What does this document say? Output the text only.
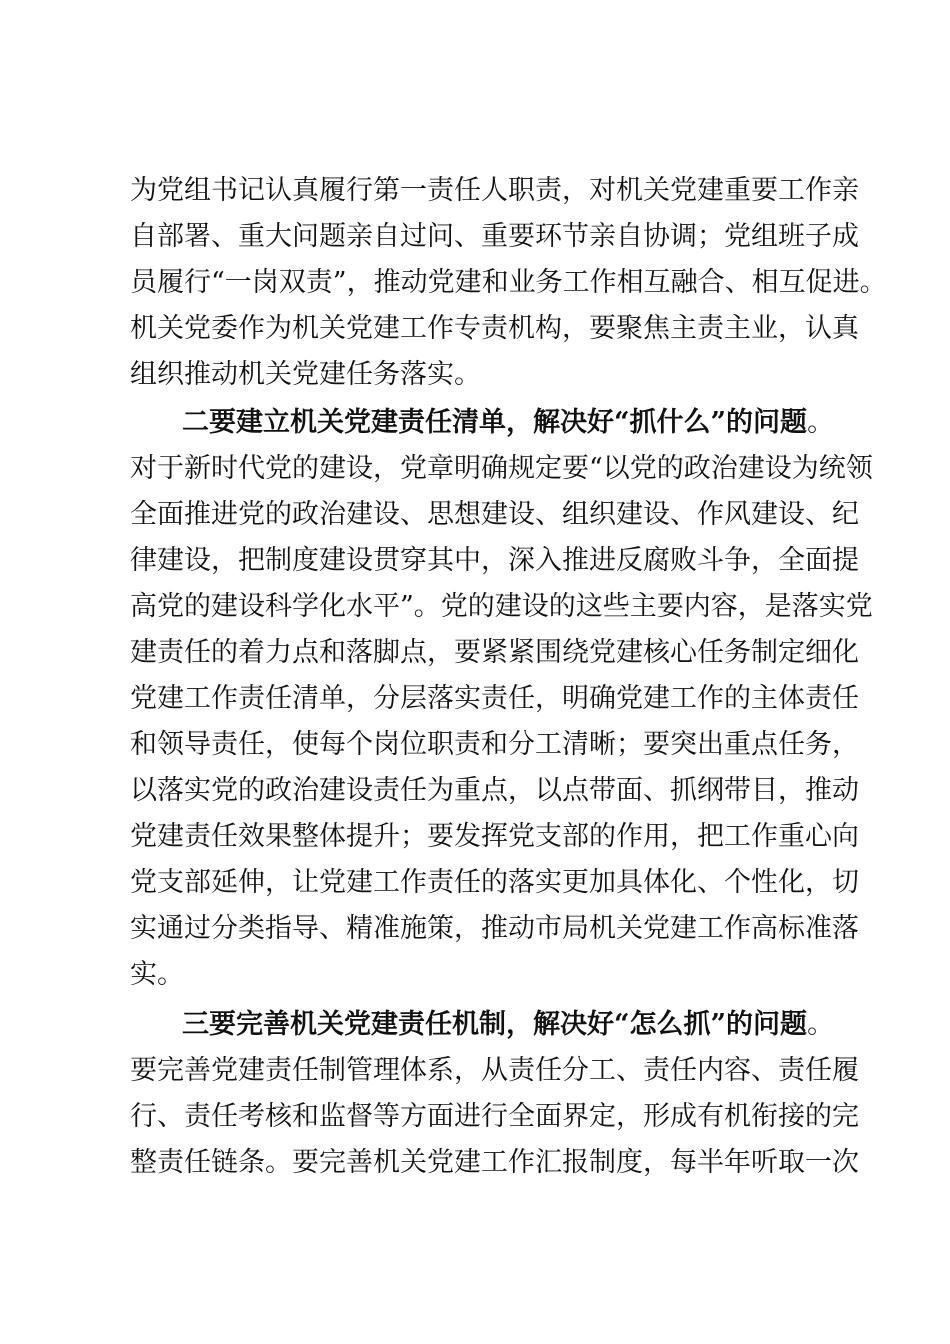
为党组书记认真履行第一责任人职责，对机关党建重要工作亲
自部署、重大问题亲自过问、重要环节亲自协调；党组班子成
员履行“一岗双责”，推动党建和业务工作相互融合、相互促进。
机关党委作为机关党建工作专责机构，要聚焦主责主业，认真
组织推动机关党建任务落实。
二要建立机关党建责任清单，解决好“抓什么”的问题。
对于新时代党的建设，党章明确规定要“以党的政治建设为统领
全面推进党的政治建设、思想建设、组织建设、作风建设、纪
律建设，把制度建设贯穿其中，深入推进反腐败斗争，全面提
高党的建设科学化水平”。党的建设的这些主要内容，是落实党
建责任的着力点和落脚点，要紧紧围绕党建核心任务制定细化
党建工作责任清单，分层落实责任，明确党建工作的主体责任
和领导责任，使每个岗位职责和分工清晰；要突出重点任务，
以落实党的政治建设责任为重点，以点带面、抓纲带目，推动
党建责任效果整体提升；要发挥党支部的作用，把工作重心向
党支部延伸，让党建工作责任的落实更加具体化、个性化，切
实通过分类指导、精准施策，推动市局机关党建工作高标准落
实。
三要完善机关党建责任机制，解决好“怎么抓”的问题。
要完善党建责任制管理体系，从责任分工、责任内容、责任履
行、责任考核和监督等方面进行全面界定，形成有机衔接的完
整责任链条。要完善机关党建工作汇报制度，每半年听取一次
